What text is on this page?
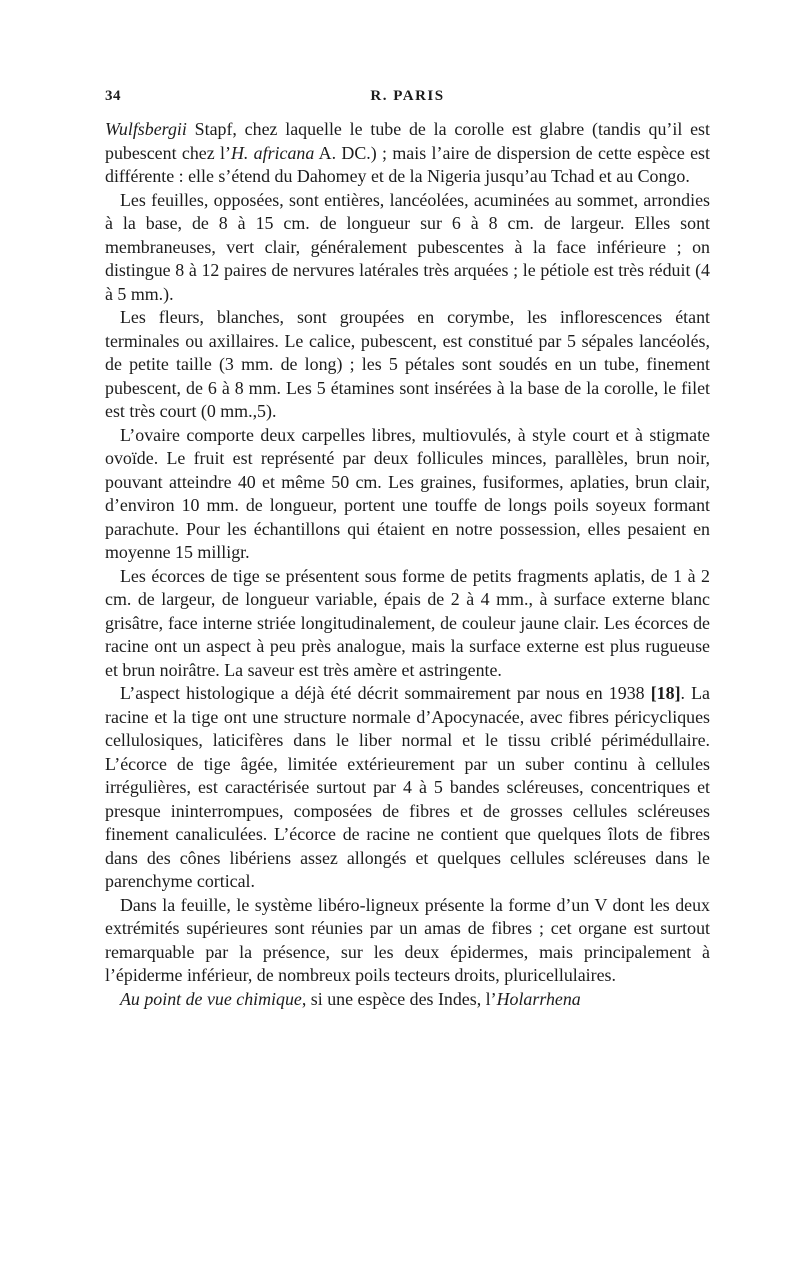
34	R. PARIS

Wulfsbergii Stapf, chez laquelle le tube de la corolle est glabre (tandis qu’il est pubescent chez l’H. africana A. DC.) ; mais l’aire de dispersion de cette espèce est différente : elle s’étend du Dahomey et de la Nigeria jusqu’au Tchad et au Congo.

Les feuilles, opposées, sont entières, lancéolées, acuminées au sommet, arrondies à la base, de 8 à 15 cm. de longueur sur 6 à 8 cm. de largeur. Elles sont membraneuses, vert clair, généralement pubescentes à la face inférieure ; on distingue 8 à 12 paires de nervures latérales très arquées ; le pétiole est très réduit (4 à 5 mm.).

Les fleurs, blanches, sont groupées en corymbe, les inflorescences étant terminales ou axillaires. Le calice, pubescent, est constitué par 5 sépales lancéolés, de petite taille (3 mm. de long) ; les 5 pétales sont soudés en un tube, finement pubescent, de 6 à 8 mm. Les 5 étamines sont insérées à la base de la corolle, le filet est très court (0 mm.,5).

L’ovaire comporte deux carpelles libres, multiovulés, à style court et à stigmate ovoïde. Le fruit est représenté par deux follicules minces, parallèles, brun noir, pouvant atteindre 40 et même 50 cm. Les graines, fusiformes, aplaties, brun clair, d’environ 10 mm. de longueur, portent une touffe de longs poils soyeux formant parachute. Pour les échantillons qui étaient en notre possession, elles pesaient en moyenne 15 milligr.

Les écorces de tige se présentent sous forme de petits fragments aplatis, de 1 à 2 cm. de largeur, de longueur variable, épais de 2 à 4 mm., à surface externe blanc grisâtre, face interne striée longitudinalement, de couleur jaune clair. Les écorces de racine ont un aspect à peu près analogue, mais la surface externe est plus rugueuse et brun noirâtre. La saveur est très amère et astringente.

L’aspect histologique a déjà été décrit sommairement par nous en 1938 [18]. La racine et la tige ont une structure normale d’Apocynacée, avec fibres péricycliques cellulosiques, laticifères dans le liber normal et le tissu criblé périmédullaire. L’écorce de tige âgée, limitée extérieurement par un suber continu à cellules irrégulières, est caractérisée surtout par 4 à 5 bandes scléreuses, concentriques et presque ininterrompues, composées de fibres et de grosses cellules scléreuses finement canaliculées. L’écorce de racine ne contient que quelques îlots de fibres dans des cônes libériens assez allongés et quelques cellules scléreuses dans le parenchyme cortical.

Dans la feuille, le système libéro-ligneux présente la forme d’un V dont les deux extrémités supérieures sont réunies par un amas de fibres ; cet organe est surtout remarquable par la présence, sur les deux épidermes, mais principalement à l’épiderme inférieur, de nombreux poils tecteurs droits, pluricellulaires.

Au point de vue chimique, si une espèce des Indes, l’Holarrhena
